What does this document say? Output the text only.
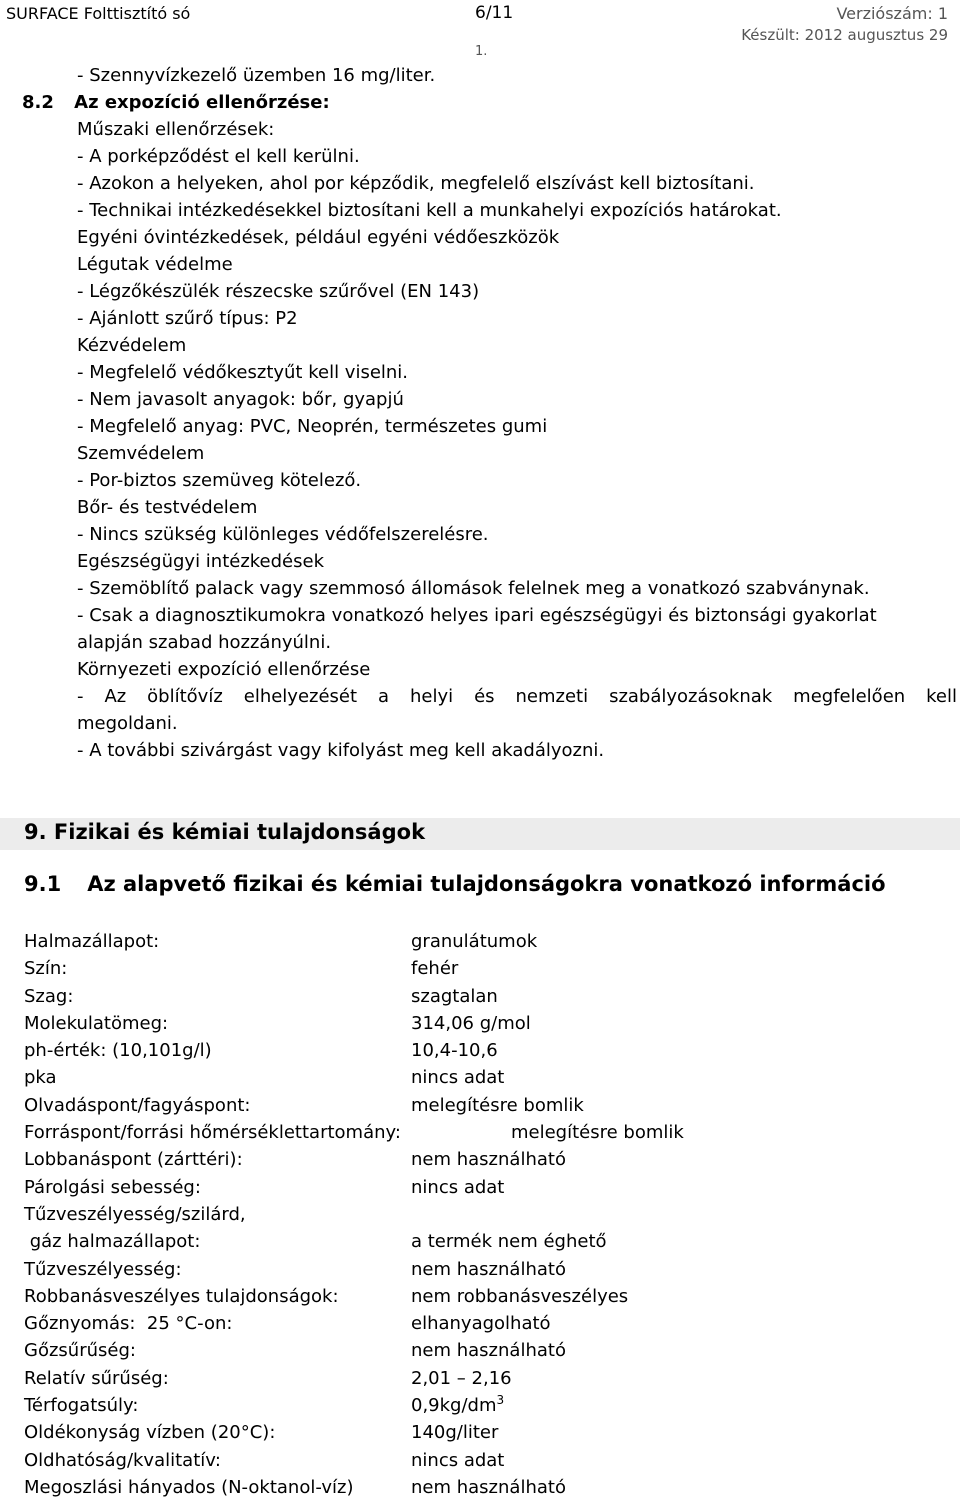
SURFACE Folttisztító só	6/11	Verziószám: 1
Készült: 2012 augusztus 29
1.
8.2 Az expozíció ellenőrzése:
- Szennyvízkezelő üzemben 16 mg/liter.
Műszaki ellenőrzések:
- A porképződést el kell kerülni.
- Azokon a helyeken, ahol por képződik, megfelelő elszívást kell biztosítani.
- Technikai intézkedésekkel biztosítani kell a munkahelyi expozíciós határokat.
Egyéni óvintézkedések, például egyéni védőeszközök
Légutak védelme
- Légzőkészülék részecske szűrővel (EN 143)
- Ajánlott szűrő típus: P2
Kézvédelem
- Megfelelő védőkesztyűt kell viselni.
- Nem javasolt anyagok: bőr, gyapjú
- Megfelelő anyag: PVC, Neoprén, természetes gumi
Szemvédelem
- Por-biztos szemüveg kötelező.
Bőr- és testvédelem
- Nincs szükség különleges védőfelszerelésre.
Egészségügyi intézkedések
- Szemöblítő palack vagy szemmosó állomások felelnek meg a vonatkozó szabványnak.
- Csak a diagnosztikumokra vonatkozó helyes ipari egészségügyi és biztonsági gyakorlat
alapján szabad hozzányúlni.
Környezeti expozíció ellenőrzése
- Az öblítővíz elhelyezését a helyi és nemzeti szabályozásoknak megfelelően kell
megoldani.
- A további szivárgást vagy kifolyást meg kell akadályozni.
9. Fizikai és kémiai tulajdonságok
9.1 Az alapvető fizikai és kémiai tulajdonságokra vonatkozó információ
Halmazállapot:	granulátumok
Szín:	fehér
Szag:	szagtalan
Molekulatömeg:	314,06 g/mol
ph-érték: (10,101g/l)	10,4-10,6
pka	nincs adat
Olvadáspont/fagyáspont:	melegítésre bomlik
Forráspont/forrási hőmérséklettartomány:	melegítésre bomlik
Lobbanáspont (zárttéri):	nem használható
Párolgási sebesség:	nincs adat
Tűzveszélyesség/szilárd,
gáz halmazállapot:	a termék nem éghető
Tűzveszélyesség:	nem használható
Robbanásveszélyes tulajdonságok:	nem robbanásveszélyes
Gőznyomás:  25 °C-on:	elhanyagolható
Gőzsűrűség:	nem használható
Relatív sűrűség:	2,01 – 2,16
Térfogatsúly:	$0,9kg/dm^3$
Oldékonyság vízben (20°C):	140g/liter
Oldhatóság/kvalitatív:	nincs adat
Megoszlási hányados (N-oktanol-víz)	nem használható
